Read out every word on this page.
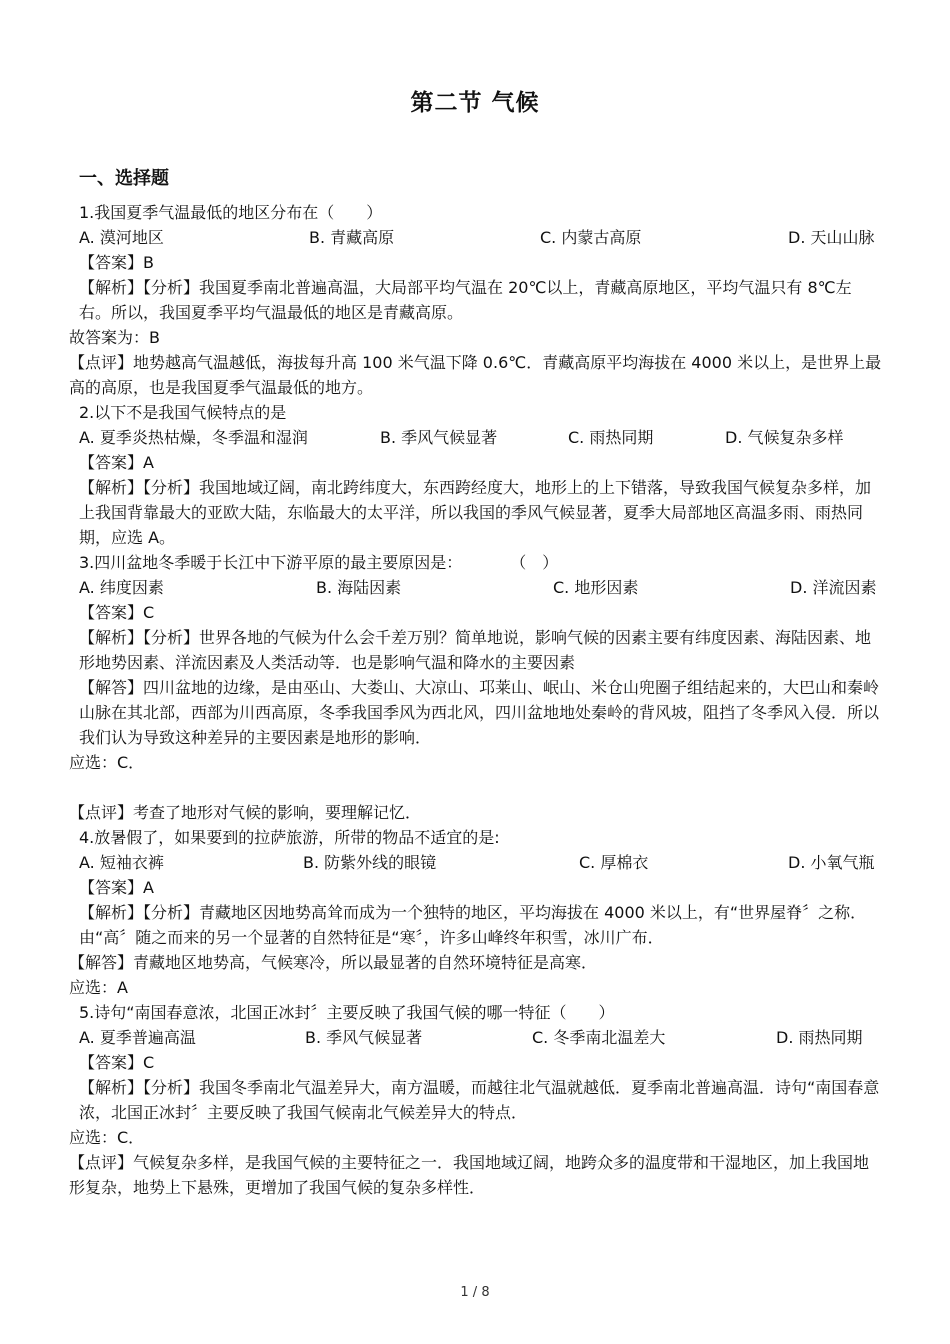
第二节 气候
一、选择题
1.我国夏季气温最低的地区分布在（　　）
A. 漠河地区	B. 青藏高原	C. 内蒙古高原	D. 天山山脉
【答案】B
【解析】【分析】我国夏季南北普遍高温，大局部平均气温在 20℃以上，青藏高原地区，平均气温只有 8℃左右。所以，我国夏季平均气温最低的地区是青藏高原。
故答案为：B
【点评】地势越高气温越低，海拔每升高 100 米气温下降 0.6℃．青藏高原平均海拔在 4000 米以上，是世界上最高的高原，也是我国夏季气温最低的地方。
2.以下不是我国气候特点的是
A. 夏季炎热枯燥，冬季温和湿润	B. 季风气候显著	C. 雨热同期	D. 气候复杂多样
【答案】A
【解析】【分析】我国地域辽阔，南北跨纬度大，东西跨经度大，地形上的上下错落，导致我国气候复杂多样，加上我国背靠最大的亚欧大陆，东临最大的太平洋，所以我国的季风气候显著，夏季大局部地区高温多雨、雨热同期，应选 A。
3.四川盆地冬季暖于长江中下游平原的最主要原因是：　　　　（　）
A. 纬度因素	B. 海陆因素	C. 地形因素	D. 洋流因素
【答案】C
【解析】【分析】世界各地的气候为什么会千差万别？简单地说，影响气候的因素主要有纬度因素、海陆因素、地形地势因素、洋流因素及人类活动等．也是影响气温和降水的主要因素
【解答】四川盆地的边缘，是由巫山、大娄山、大凉山、邛莱山、岷山、米仓山兜圈子组结起来的，大巴山和秦岭山脉在其北部，西部为川西高原，冬季我国季风为西北风，四川盆地地处秦岭的背风坡，阻挡了冬季风入侵．所以我们认为导致这种差异的主要因素是地形的影响．
应选：C．
【点评】考查了地形对气候的影响，要理解记忆．
4.放暑假了，如果要到的拉萨旅游，所带的物品不适宜的是:
A. 短袖衣裤	B. 防紫外线的眼镜	C. 厚棉衣	D. 小氧气瓶
【答案】A
【解析】【分析】青藏地区因地势高耸而成为一个独特的地区，平均海拔在 4000 米以上，有“世界屋脊〞之称．由“高〞随之而来的另一个显著的自然特征是“寒〞，许多山峰终年积雪，冰川广布．
【解答】青藏地区地势高，气候寒冷，所以最显著的自然环境特征是高寒．
应选：A
5.诗句“南国春意浓，北国正冰封〞主要反映了我国气候的哪一特征（　　）
A. 夏季普遍高温	B. 季风气候显著	C. 冬季南北温差大	D. 雨热同期
【答案】C
【解析】【分析】我国冬季南北气温差异大，南方温暖，而越往北气温就越低．夏季南北普遍高温．诗句“南国春意浓，北国正冰封〞主要反映了我国气候南北气候差异大的特点．
应选：C．
【点评】气候复杂多样，是我国气候的主要特征之一．我国地域辽阔，地跨众多的温度带和干湿地区，加上我国地形复杂，地势上下悬殊，更增加了我国气候的复杂多样性．
1 / 8
